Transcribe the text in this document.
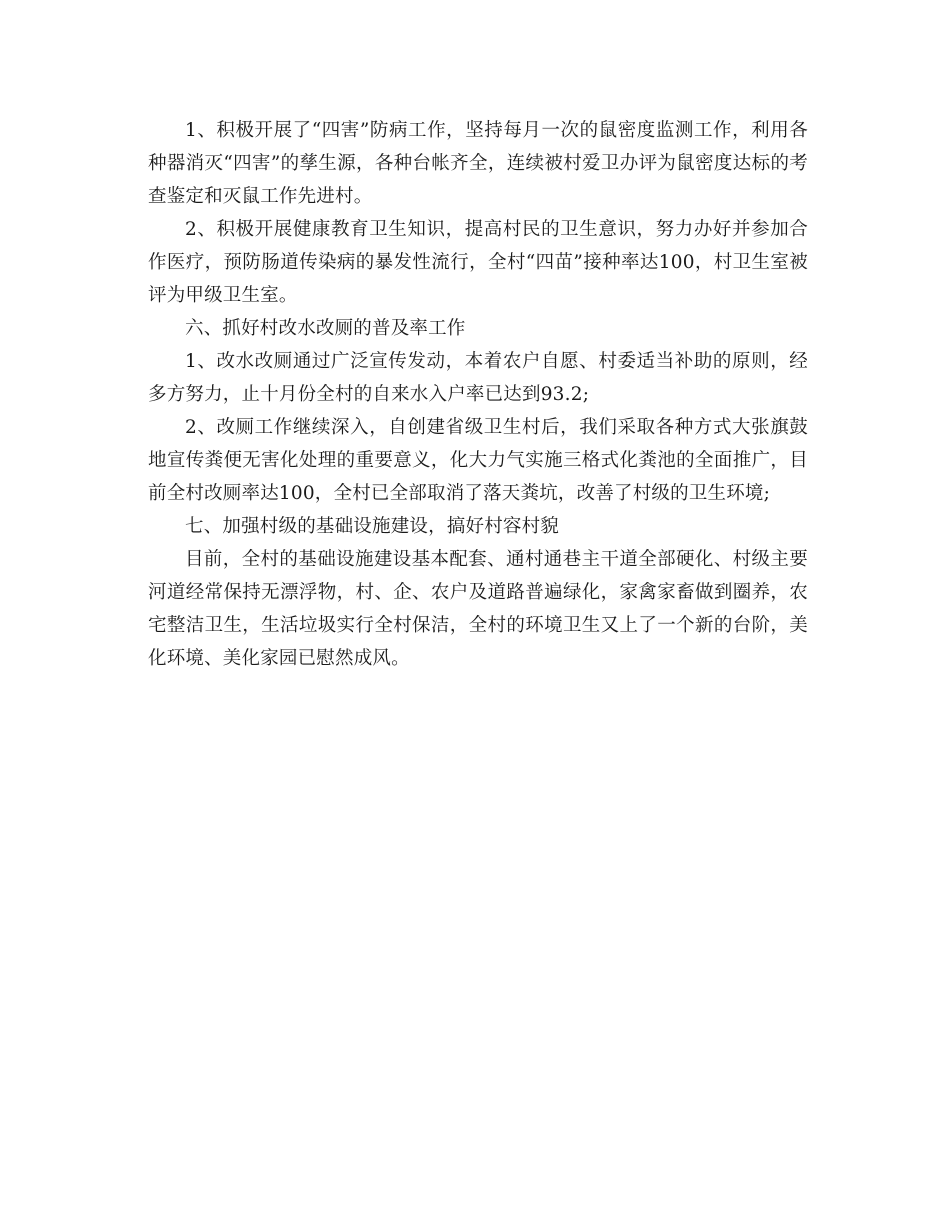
1、积极开展了“四害”防病工作，坚持每月一次的鼠密度监测工作，利用各种器消灭“四害”的孳生源，各种台帐齐全，连续被村爱卫办评为鼠密度达标的考查鉴定和灭鼠工作先进村。

2、积极开展健康教育卫生知识，提高村民的卫生意识，努力办好并参加合作医疗，预防肠道传染病的暴发性流行，全村“四苗”接种率达100，村卫生室被评为甲级卫生室。

六、抓好村改水改厕的普及率工作

1、改水改厕通过广泛宣传发动，本着农户自愿、村委适当补助的原则，经多方努力，止十月份全村的自来水入户率已达到93.2;

2、改厕工作继续深入，自创建省级卫生村后，我们采取各种方式大张旗鼓地宣传粪便无害化处理的重要意义，化大力气实施三格式化粪池的全面推广，目前全村改厕率达100，全村已全部取消了落天粪坑，改善了村级的卫生环境;

七、加强村级的基础设施建设，搞好村容村貌

目前，全村的基础设施建设基本配套、通村通巷主干道全部硬化、村级主要河道经常保持无漂浮物，村、企、农户及道路普遍绿化，家禽家畜做到圈养，农宅整洁卫生，生活垃圾实行全村保洁，全村的环境卫生又上了一个新的台阶，美化环境、美化家园已慰然成风。
